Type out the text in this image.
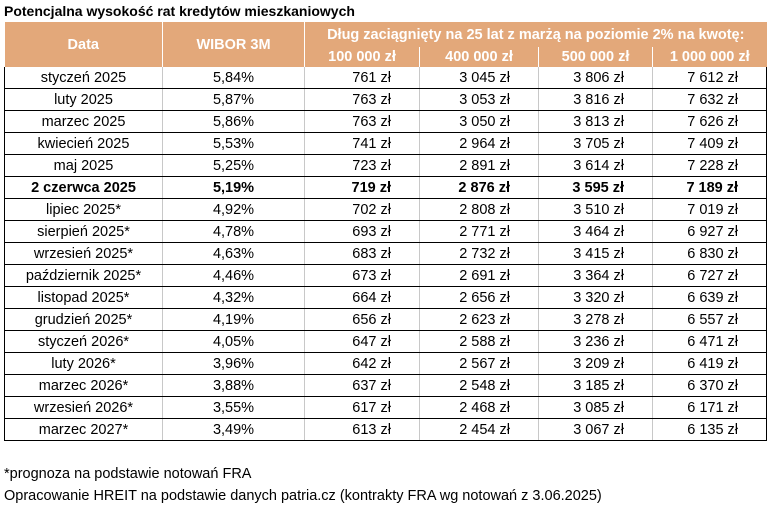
Potencjalna wysokość rat kredytów mieszkaniowych
Data	WIBOR 3M	Dług zaciągnięty na 25 lat z marżą na poziomie 2% na kwotę:			
		100 000 zł	400 000 zł	500 000 zł	1 000 000 zł
styczeń 2025	5,84%	761 zł	3 045 zł	3 806 zł	7 612 zł
luty 2025	5,87%	763 zł	3 053 zł	3 816 zł	7 632 zł
marzec 2025	5,86%	763 zł	3 050 zł	3 813 zł	7 626 zł
kwiecień 2025	5,53%	741 zł	2 964 zł	3 705 zł	7 409 zł
maj 2025	5,25%	723 zł	2 891 zł	3 614 zł	7 228 zł
2 czerwca 2025	5,19%	719 zł	2 876 zł	3 595 zł	7 189 zł
lipiec 2025*	4,92%	702 zł	2 808 zł	3 510 zł	7 019 zł
sierpień 2025*	4,78%	693 zł	2 771 zł	3 464 zł	6 927 zł
wrzesień 2025*	4,63%	683 zł	2 732 zł	3 415 zł	6 830 zł
październik 2025*	4,46%	673 zł	2 691 zł	3 364 zł	6 727 zł
listopad 2025*	4,32%	664 zł	2 656 zł	3 320 zł	6 639 zł
grudzień 2025*	4,19%	656 zł	2 623 zł	3 278 zł	6 557 zł
styczeń 2026*	4,05%	647 zł	2 588 zł	3 236 zł	6 471 zł
luty 2026*	3,96%	642 zł	2 567 zł	3 209 zł	6 419 zł
marzec 2026*	3,88%	637 zł	2 548 zł	3 185 zł	6 370 zł
wrzesień 2026*	3,55%	617 zł	2 468 zł	3 085 zł	6 171 zł
marzec 2027*	3,49%	613 zł	2 454 zł	3 067 zł	6 135 zł
*prognoza na podstawie notowań FRA
Opracowanie HREIT na podstawie danych patria.cz (kontrakty FRA wg notowań z 3.06.2025)
